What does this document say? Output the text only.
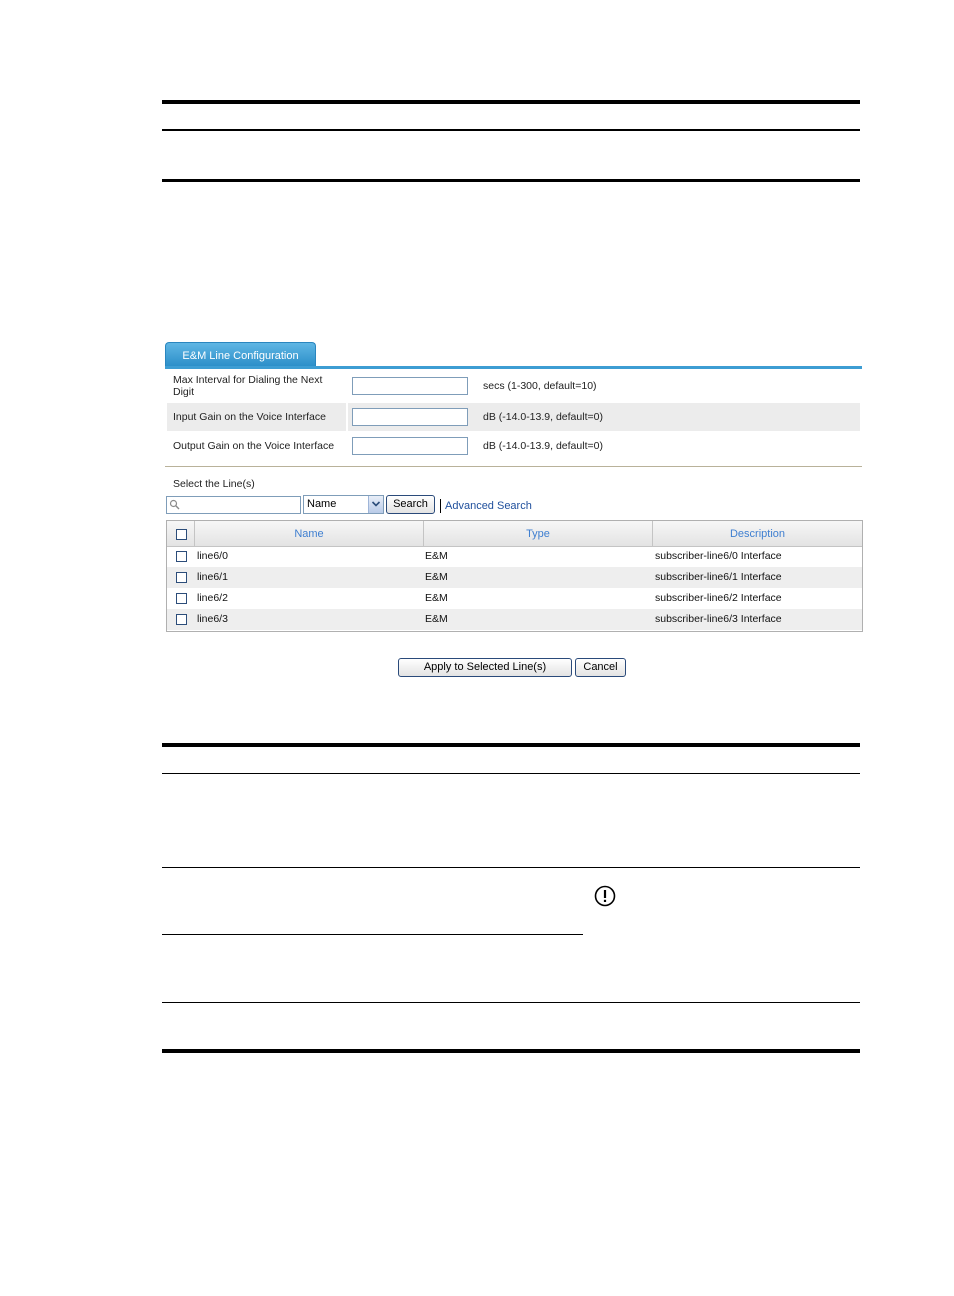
E&M Line Configuration
Max Interval for Dialing the Next
Digit	secs (1-300, default=10)
Input Gain on the Voice Interface	dB (-14.0-13.9, default=0)
Output Gain on the Voice Interface	dB (-14.0-13.9, default=0)
Select the Line(s)
Name	Search	Advanced Search
Name	Type	Description
line6/0	E&M	subscriber-line6/0 Interface
line6/1	E&M	subscriber-line6/1 Interface
line6/2	E&M	subscriber-line6/2 Interface
line6/3	E&M	subscriber-line6/3 Interface
Apply to Selected Line(s)	Cancel
